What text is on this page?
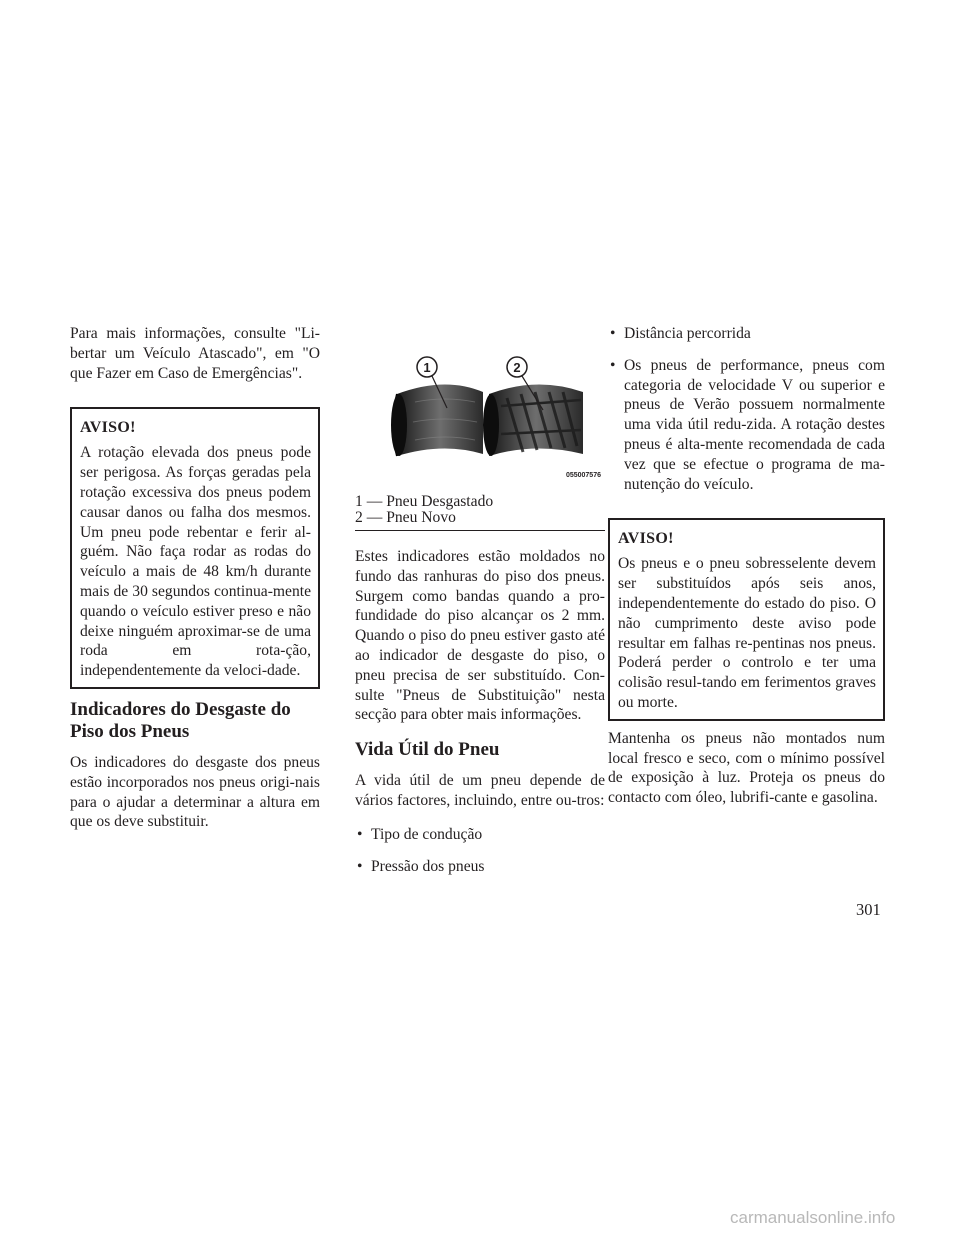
Para mais informações, consulte "Li-bertar um Veículo Atascado", em "O que Fazer em Caso de Emergências".

AVISO!

A rotação elevada dos pneus pode ser perigosa. As forças geradas pela rotação excessiva dos pneus podem causar danos ou falha dos mesmos. Um pneu pode rebentar e ferir al-guém. Não faça rodar as rodas do veículo a mais de 48 km/h durante mais de 30 segundos continua-mente quando o veículo estiver preso e não deixe ninguém aproximar-se de uma roda em rota-ção, independentemente da veloci-dade.

Indicadores do Desgaste do Piso dos Pneus

Os indicadores do desgaste dos pneus estão incorporados nos pneus origi-nais para o ajudar a determinar a altura em que os deve substituir.

1	2
055007576
1 — Pneu Desgastado
2 — Pneu Novo

Estes indicadores estão moldados no fundo das ranhuras do piso dos pneus. Surgem como bandas quando a pro-fundidade do piso alcançar os 2 mm. Quando o piso do pneu estiver gasto até ao indicador de desgaste do piso, o pneu precisa de ser substituído. Con-sulte "Pneus de Substituição" nesta secção para obter mais informações.

Vida Útil do Pneu

A vida útil de um pneu depende de vários factores, incluindo, entre ou-tros:

• Tipo de condução
• Pressão dos pneus
• Distância percorrida
• Os pneus de performance, pneus com categoria de velocidade V ou superior e pneus de Verão possuem normalmente uma vida útil redu-zida. A rotação destes pneus é alta-mente recomendada de cada vez que se efectue o programa de ma-nutenção do veículo.
AVISO!

Os pneus e o pneu sobresselente devem ser substituídos após seis anos, independentemente do estado do piso. O não cumprimento deste aviso pode resultar em falhas re-pentinas nos pneus. Poderá perder o controlo e ter uma colisão resul-tando em ferimentos graves ou morte.

Mantenha os pneus não montados num local fresco e seco, com o mínimo possível de exposição à luz. Proteja os pneus do contacto com óleo, lubrifi-cante e gasolina.

301
carmanualsonline.info
